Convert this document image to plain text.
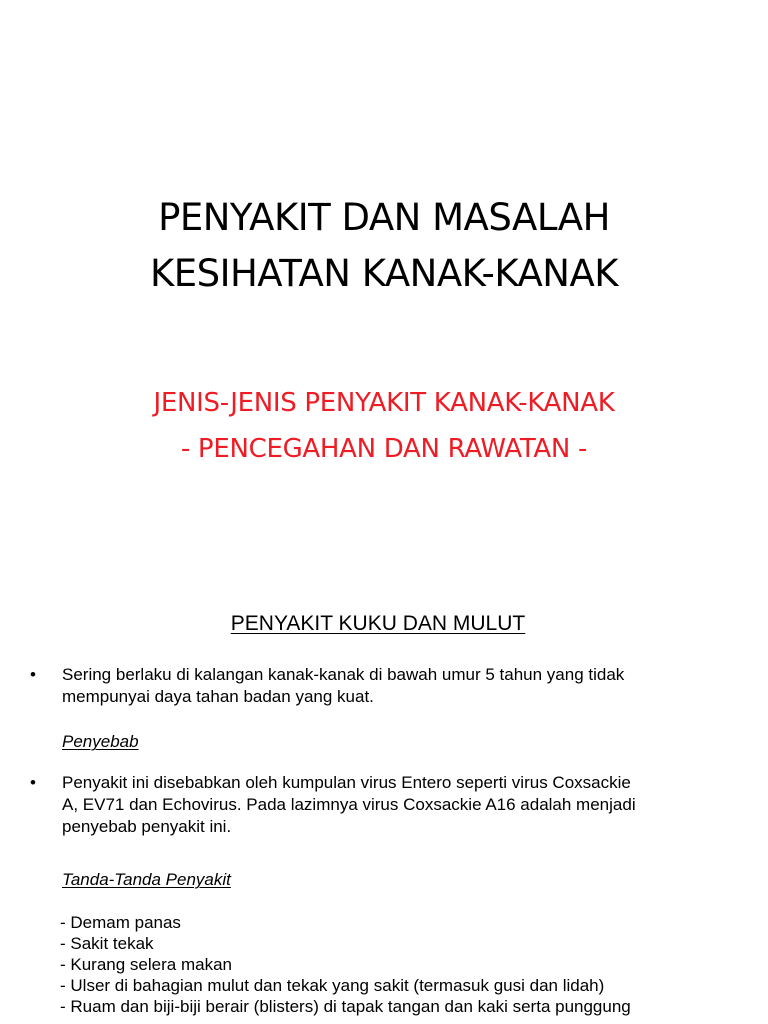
PENYAKIT DAN MASALAH
KESIHATAN KANAK-KANAK
JENIS-JENIS PENYAKIT KANAK-KANAK
- PENCEGAHAN DAN RAWATAN -
PENYAKIT KUKU DAN MULUT
•	Sering berlaku di kalangan kanak-kanak di bawah umur 5 tahun yang tidak
mempunyai daya tahan badan yang kuat.
Penyebab
•	Penyakit ini disebabkan oleh kumpulan virus Entero seperti virus Coxsackie
A, EV71 dan Echovirus. Pada lazimnya virus Coxsackie A16 adalah menjadi
penyebab penyakit ini.
Tanda-Tanda Penyakit
- Demam panas
- Sakit tekak
- Kurang selera makan
- Ulser di bahagian mulut dan tekak yang sakit (termasuk gusi dan lidah)
- Ruam dan biji-biji berair (blisters) di tapak tangan dan kaki serta punggung
